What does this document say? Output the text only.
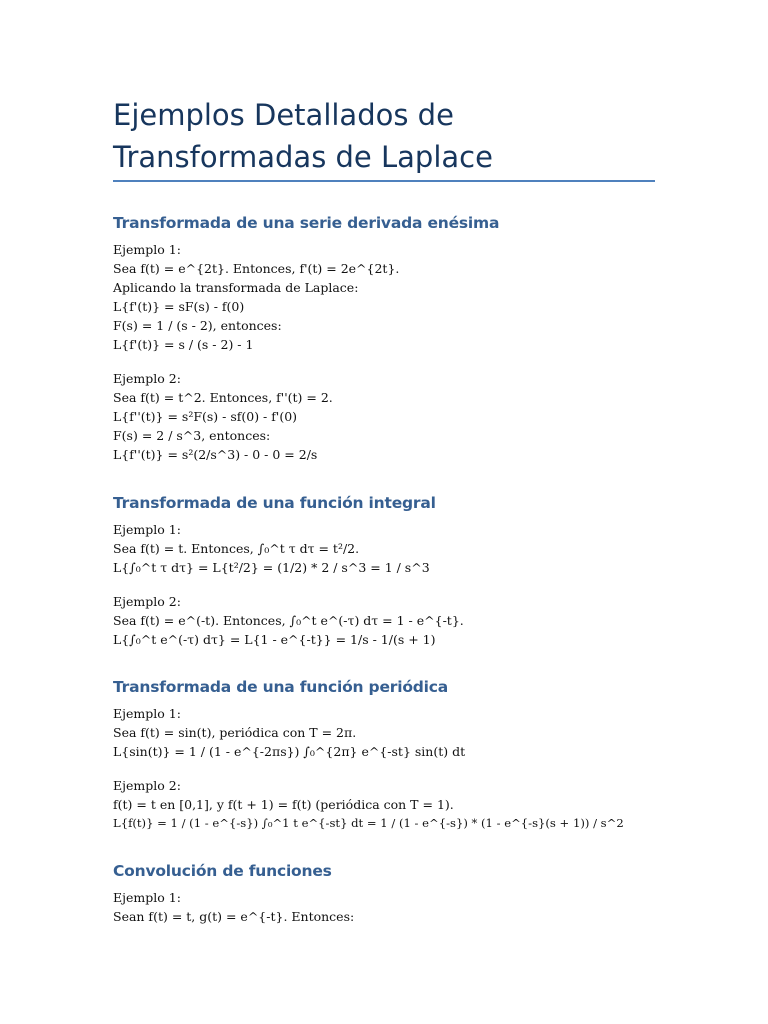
Ejemplos Detallados de Transformadas de Laplace
Transformada de una serie derivada enésima
Ejemplo 1:
Sea f(t) = e^{2t}. Entonces, f'(t) = 2e^{2t}.
Aplicando la transformada de Laplace:
L{f'(t)} = sF(s) - f(0)
F(s) = 1 / (s - 2), entonces:
L{f'(t)} = s / (s - 2) - 1
Ejemplo 2:
Sea f(t) = t^2. Entonces, f''(t) = 2.
L{f''(t)} = s²F(s) - sf(0) - f'(0)
F(s) = 2 / s^3, entonces:
L{f''(t)} = s²(2/s^3) - 0 - 0 = 2/s
Transformada de una función integral
Ejemplo 1:
Sea f(t) = t. Entonces, ∫₀^t τ dτ = t²/2.
L{∫₀^t τ dτ} = L{t²/2} = (1/2) * 2 / s^3 = 1 / s^3
Ejemplo 2:
Sea f(t) = e^(-t). Entonces, ∫₀^t e^(-τ) dτ = 1 - e^{-t}.
L{∫₀^t e^(-τ) dτ} = L{1 - e^{-t}} = 1/s - 1/(s + 1)
Transformada de una función periódica
Ejemplo 1:
Sea f(t) = sin(t), periódica con T = 2π.
L{sin(t)} = 1 / (1 - e^{-2πs}) ∫₀^{2π} e^{-st} sin(t) dt
Ejemplo 2:
f(t) = t en [0,1], y f(t + 1) = f(t) (periódica con T = 1).
L{f(t)} = 1 / (1 - e^{-s}) ∫₀^1 t e^{-st} dt = 1 / (1 - e^{-s}) * (1 - e^{-s}(s + 1)) / s^2
Convolución de funciones
Ejemplo 1:
Sean f(t) = t, g(t) = e^{-t}. Entonces:
